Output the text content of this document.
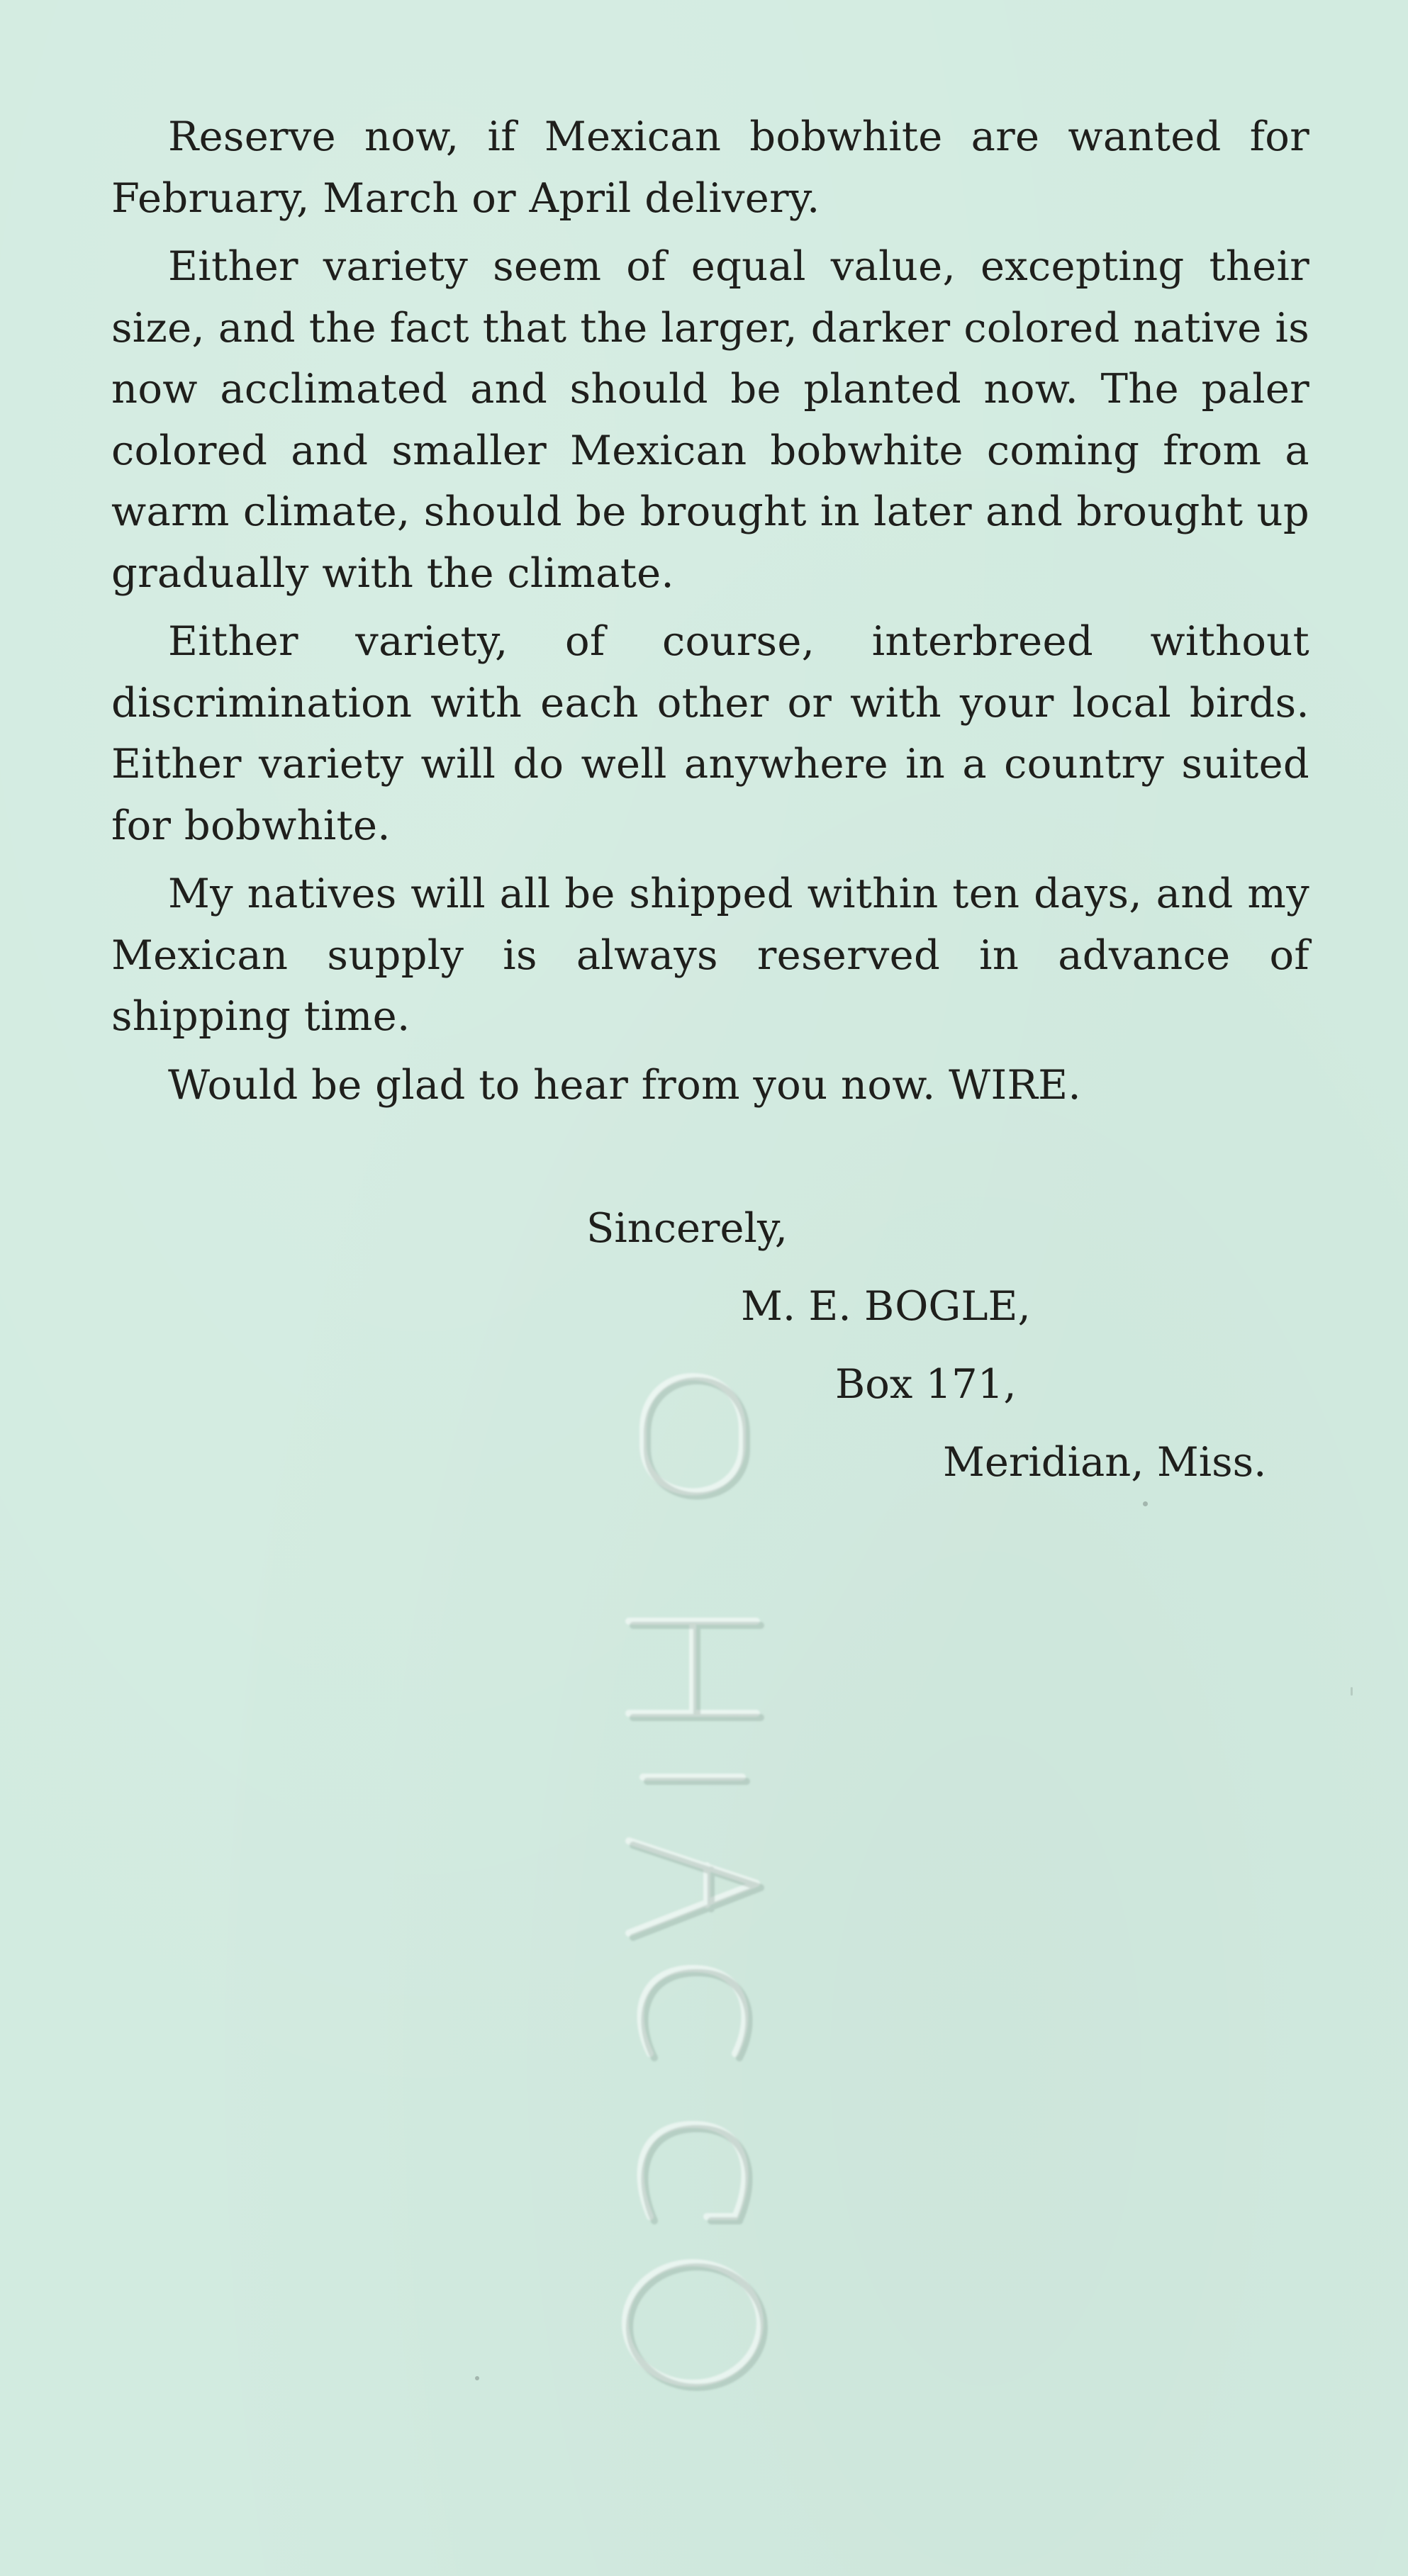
Reserve now, if Mexican bobwhite are wanted for February, March or April delivery.

Either variety seem of equal value, excepting their size, and the fact that the larger, darker colored native is now acclimated and should be planted now. The paler colored and smaller Mexican bobwhite coming from a warm climate, should be brought in later and brought up gradually with the climate.

Either variety, of course, interbreed without discrimination with each other or with your local birds. Either variety will do well anywhere in a country suited for bobwhite.

My natives will all be shipped within ten days, and my Mexican supply is always reserved in advance of shipping time.

Would be glad to hear from you now. WIRE.

Sincerely,
M. E. BOGLE,
Box 171,
Meridian, Miss.
